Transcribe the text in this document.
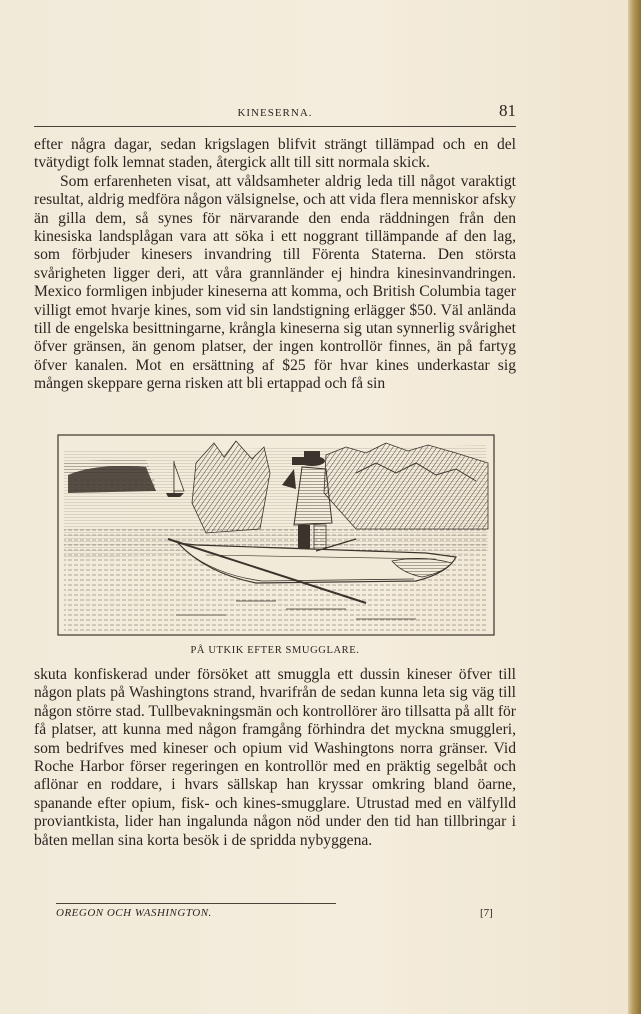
KINESERNA.	81

efter några dagar, sedan krigslagen blifvit strängt tillämpad och en del tvätydigt folk lemnat staden, återgick allt till sitt normala skick.

Som erfarenheten visat, att våldsamheter aldrig leda till något varaktigt resultat, aldrig medföra någon välsignelse, och att vida flera menniskor afsky än gilla dem, så synes för närvarande den enda räddningen från den kinesiska landsplågan vara att söka i ett noggrant tillämpande af den lag, som förbjuder kinesers invandring till Förenta Staterna. Den största svårigheten ligger deri, att våra grannländer ej hindra kinesinvandringen. Mexico formligen inbjuder kineserna att komma, och British Columbia tager villigt emot hvarje kines, som vid sin landstigning erlägger $50. Väl anlända till de engelska besittningarne, krångla kineserna sig utan synnerlig svårighet öfver gränsen, än genom platser, der ingen kontrollör finnes, än på fartyg öfver kanalen. Mot en ersättning af $25 för hvar kines underkastar sig mången skeppare gerna risken att bli ertappad och få sin

PÅ UTKIK EFTER SMUGGLARE.

skuta konfiskerad under försöket att smuggla ett dussin kineser öfver till någon plats på Washingtons strand, hvarifrån de sedan kunna leta sig väg till någon större stad. Tullbevakningsmän och kontrollörer äro tillsatta på allt för få platser, att kunna med någon framgång förhindra det myckna smuggleri, som bedrifves med kineser och opium vid Washingtons norra gränser. Vid Roche Harbor förser regeringen en kontrollör med en präktig segelbåt och aflönar en roddare, i hvars sällskap han kryssar omkring bland öarne, spanande efter opium, fisk- och kines-smugglare. Utrustad med en välfylld proviantkista, lider han ingalunda någon nöd under den tid han tillbringar i båten mellan sina korta besök i de spridda nybyggena.

OREGON OCH WASHINGTON.	[7]
